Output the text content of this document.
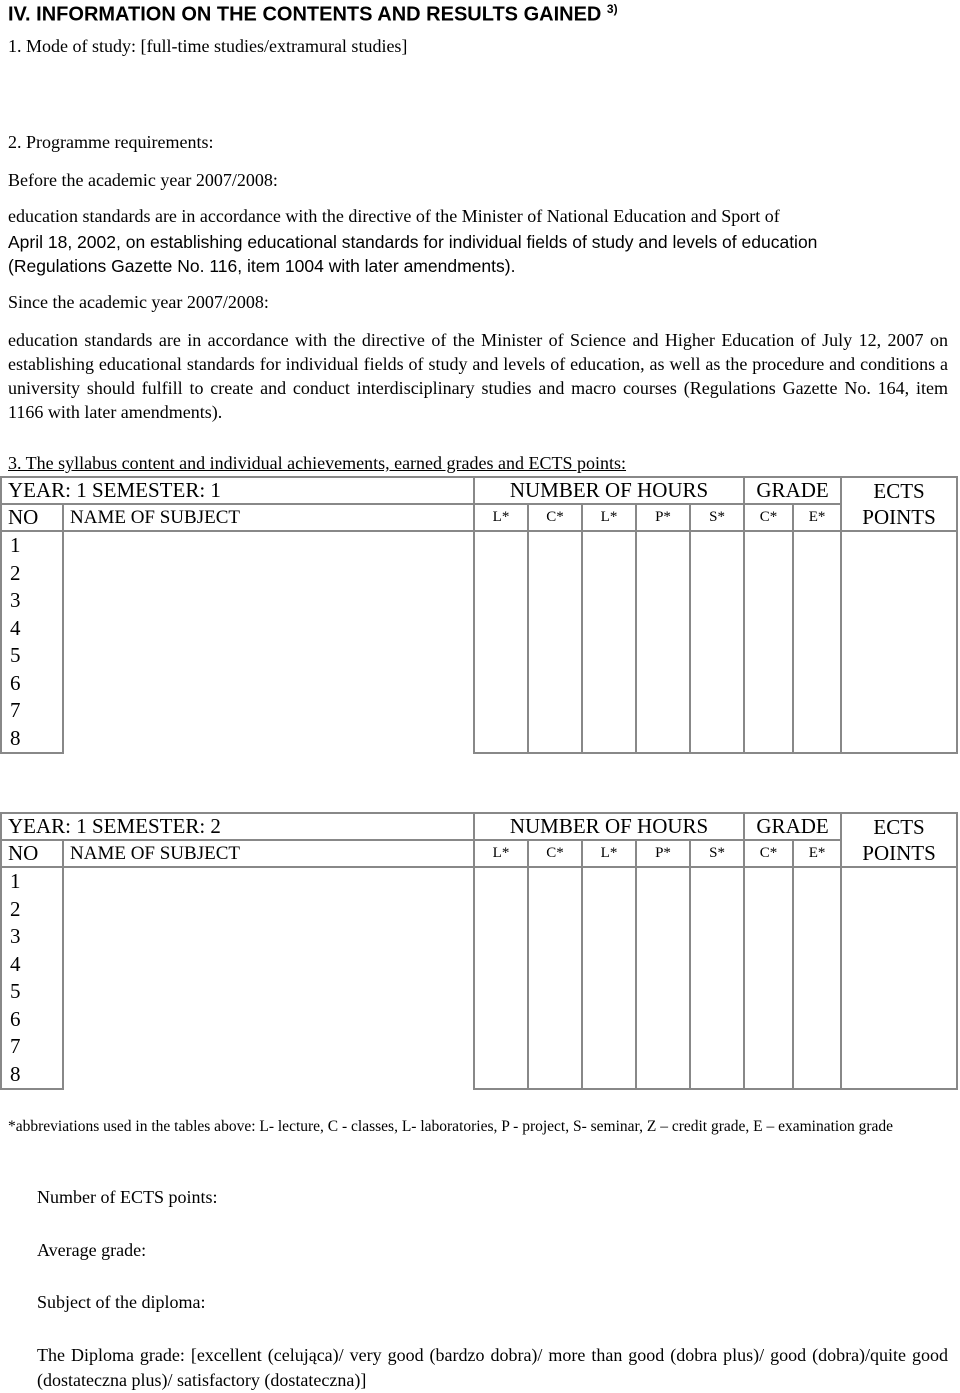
IV. INFORMATION ON THE CONTENTS AND RESULTS GAINED $^{3)}$
1. Mode of study: [full-time studies/extramural studies]
2. Programme requirements:
Before the academic year 2007/2008:
education standards are in accordance with the directive of the Minister of National Education and Sport of
April 18, 2002, on establishing educational standards for individual fields of study and levels of education
(Regulations Gazette No. 116, item 1004 with later amendments).
Since the academic year 2007/2008:
education standards are in accordance with the directive of the Minister of Science and Higher Education of July 12, 2007 on establishing educational standards for individual fields of study and levels of education, as well as the procedure and conditions a university should fulfill to create and conduct interdisciplinary studies and macro courses (Regulations Gazette No. 164, item 1166 with later amendments).
3. The syllabus content and individual achievements, earned grades and ECTS points:
YEAR: 1 SEMESTER: 1		NUMBER OF HOURS					GRADE		ECTS
NO	NAME OF SUBJECT	L*	C*	L*	P*	S*	C*	E*	POINTS
1									
2									
3									
4									
5									
6									
7									
8									
YEAR: 1 SEMESTER: 2		NUMBER OF HOURS					GRADE		ECTS
NO	NAME OF SUBJECT	L*	C*	L*	P*	S*	C*	E*	POINTS
1									
2									
3									
4									
5									
6									
7									
8									
*abbreviations used in the tables above: L- lecture, C - classes, L- laboratories, P - project, S- seminar, Z – credit grade, E – examination grade
Number of ECTS points:
Average grade:
Subject of the diploma:
The Diploma grade: [excellent (celująca)/ very good (bardzo dobra)/ more than good (dobra plus)/ good (dobra)/quite good (dostateczna plus)/ satisfactory (dostateczna)]
